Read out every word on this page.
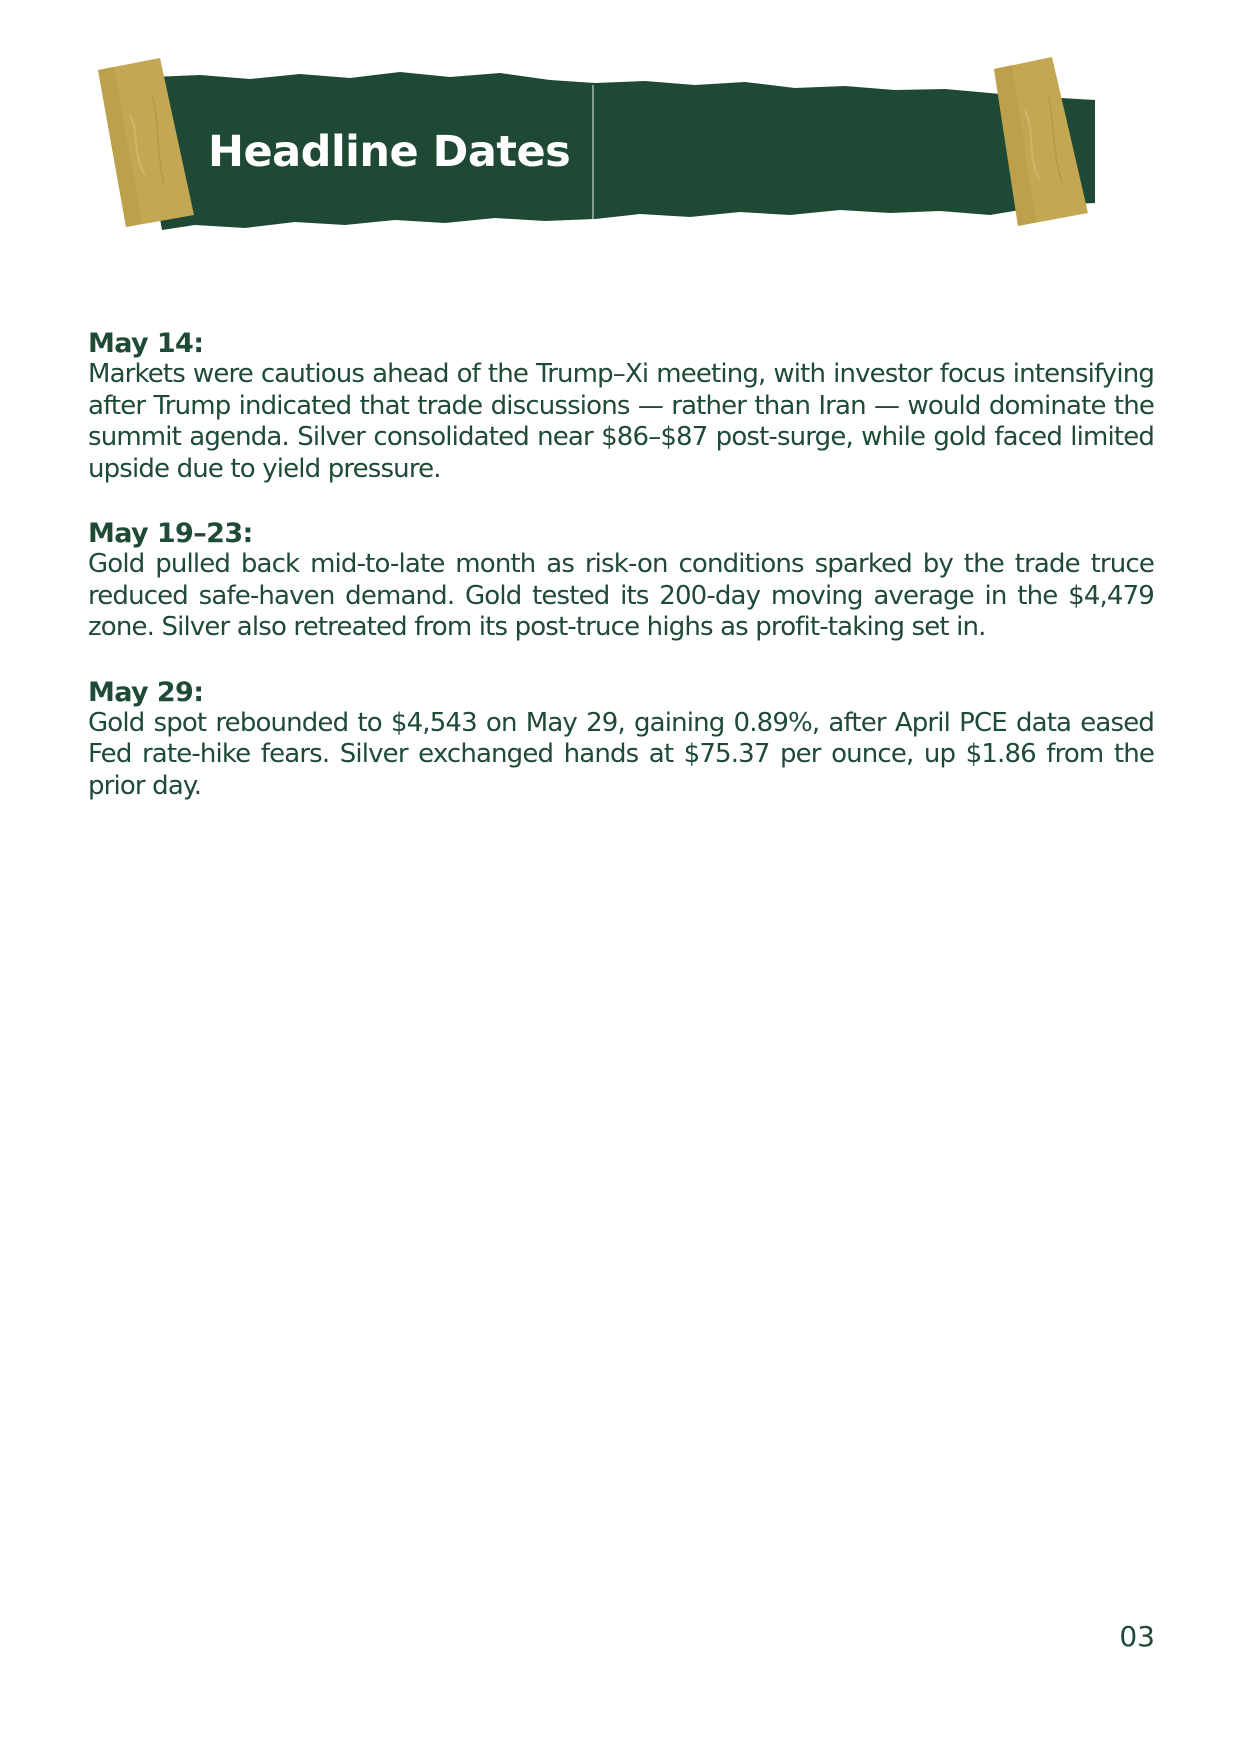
Headline Dates
May 14:

Markets were cautious ahead of the Trump–Xi meeting, with investor focus intensifying after Trump indicated that trade discussions — rather than Iran — would dominate the summit agenda. Silver consolidated near $86–$87 post-surge, while gold faced limited upside due to yield pressure.

May 19–23:

Gold pulled back mid-to-late month as risk-on conditions sparked by the trade truce reduced safe-haven demand. Gold tested its 200-day moving average in the $4,479 zone. Silver also retreated from its post-truce highs as profit-taking set in.

May 29:

Gold spot rebounded to $4,543 on May 29, gaining 0.89%, after April PCE data eased Fed rate-hike fears. Silver exchanged hands at $75.37 per ounce, up $1.86 from the prior day.

03
